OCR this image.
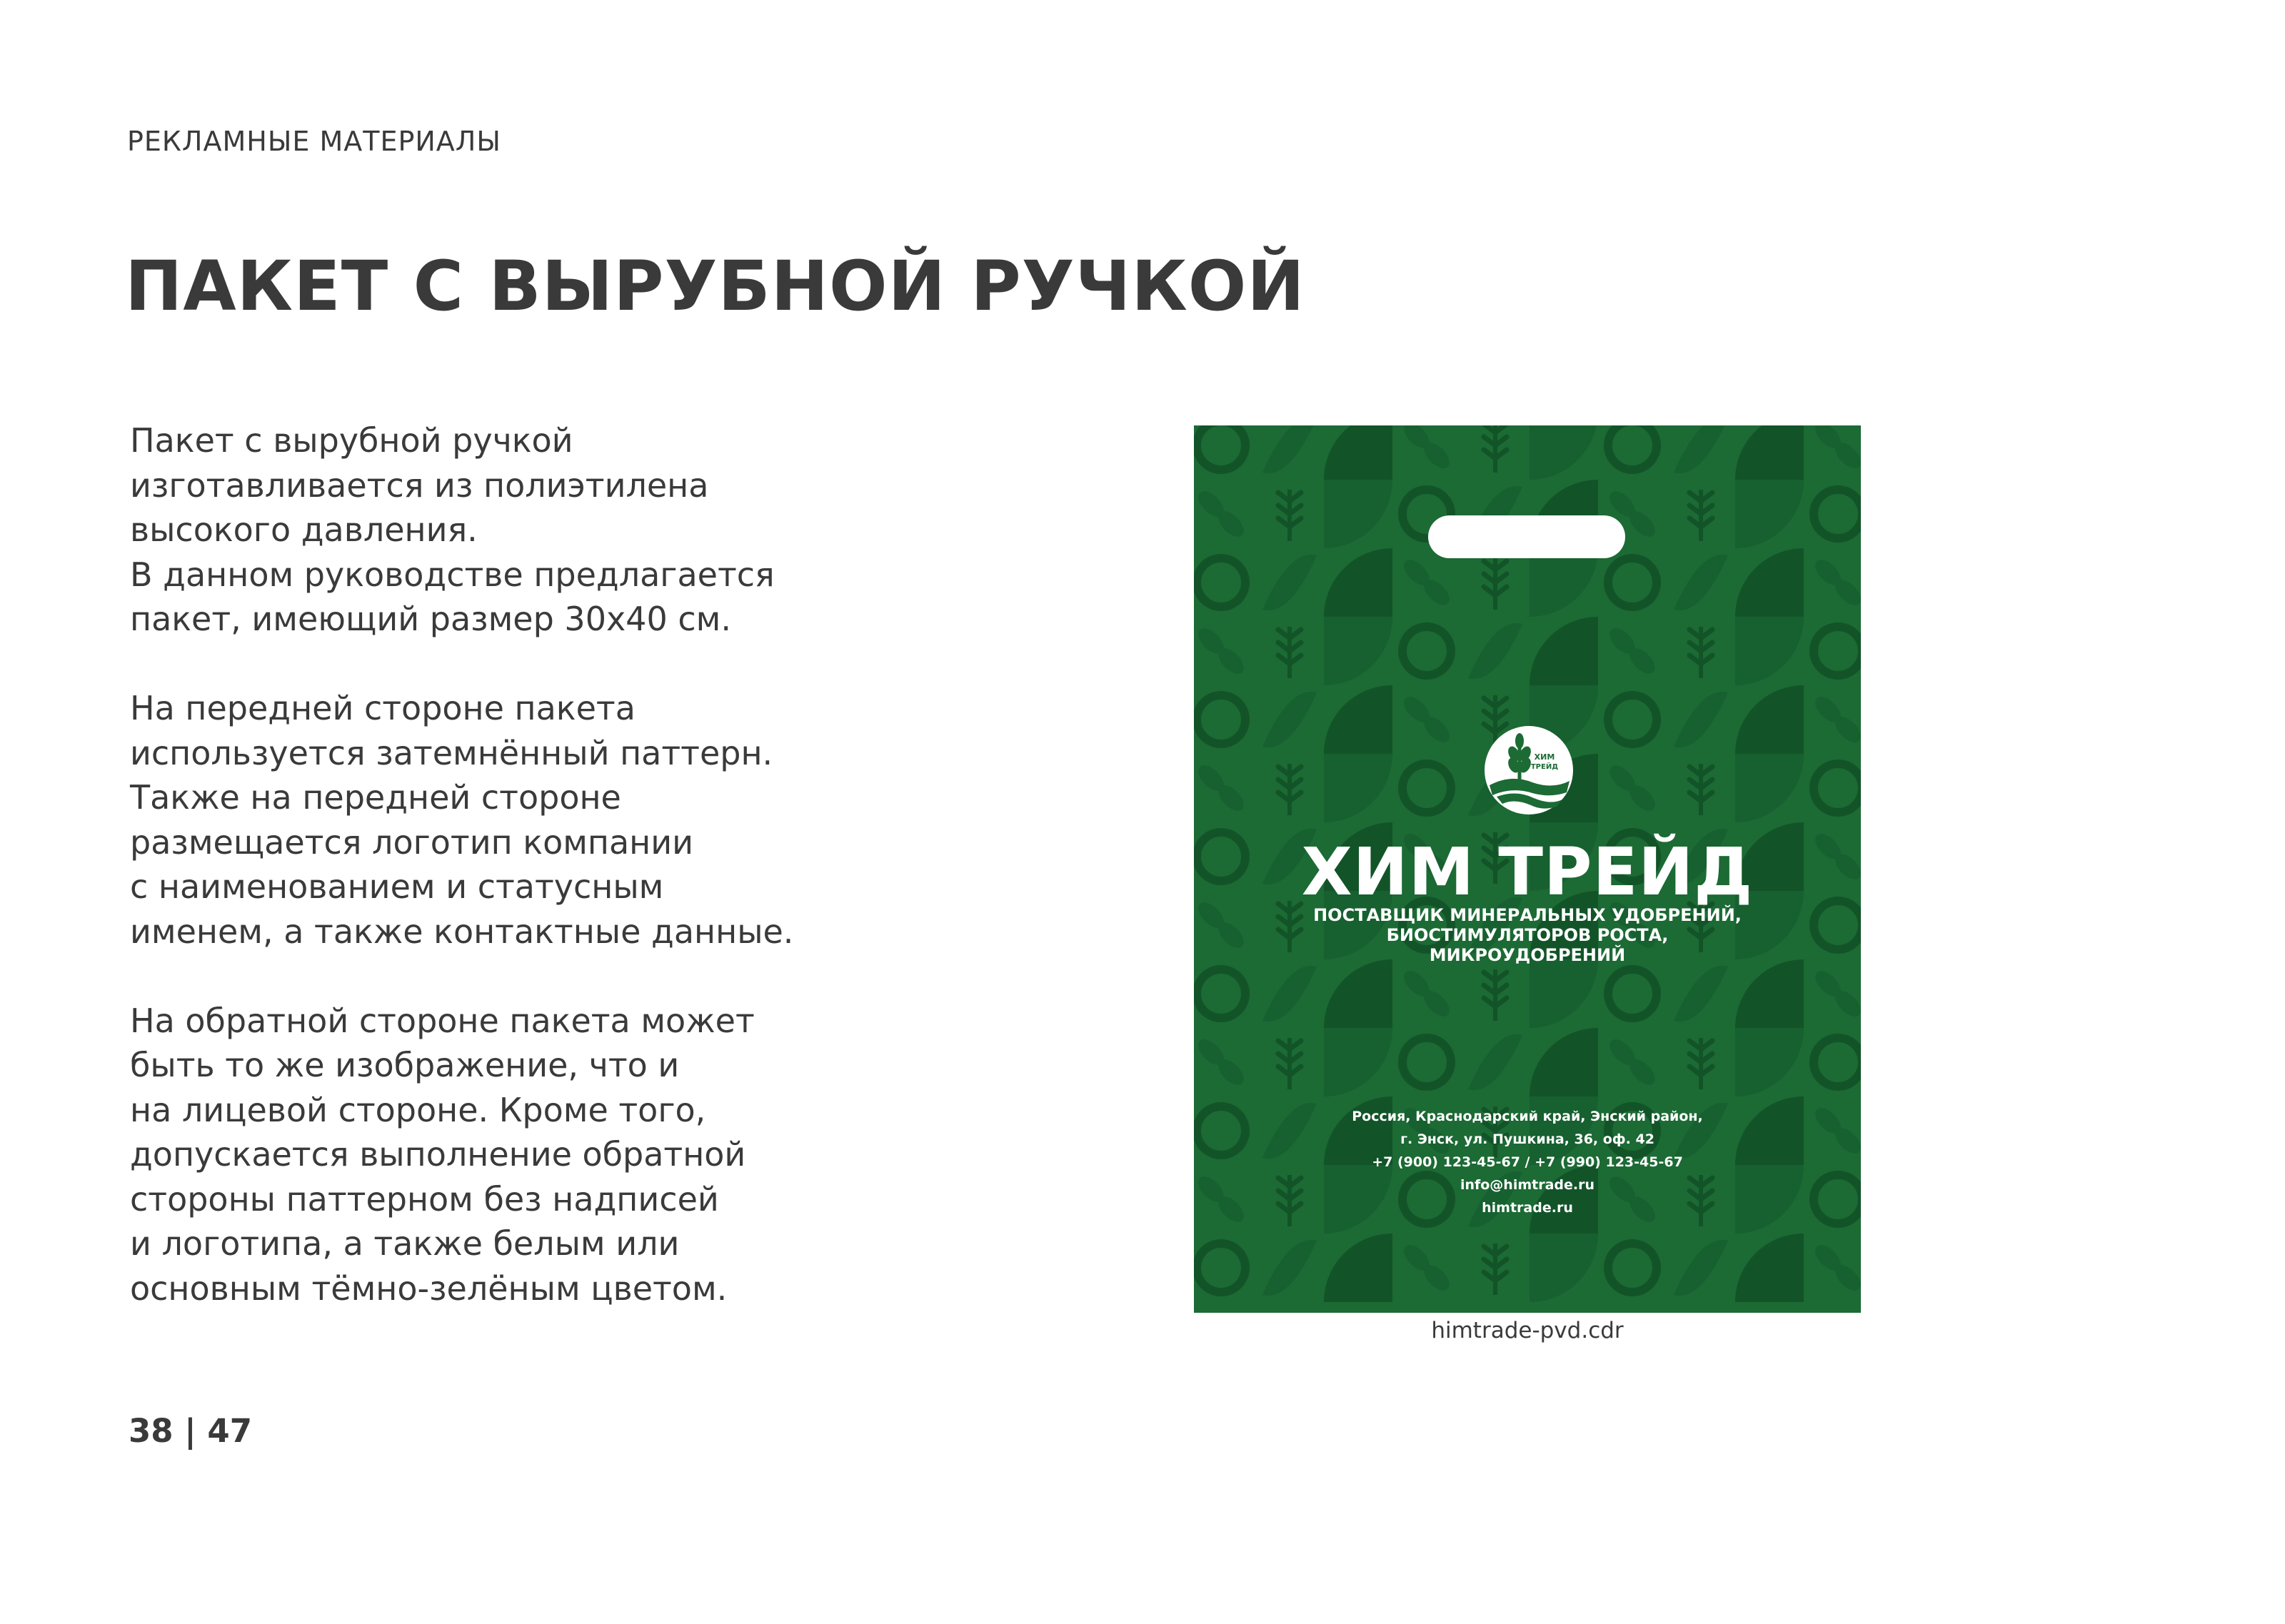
РЕКЛАМНЫЕ МАТЕРИАЛЫ
ПАКЕТ С ВЫРУБНОЙ РУЧКОЙ

Пакет с вырубной ручкой
изготавливается из полиэтилена
высокого давления.
В данном руководстве предлагается
пакет, имеющий размер 30х40 см.

На передней стороне пакета
используется затемнённый паттерн.
Также на передней стороне
размещается логотип компании
с наименованием и статусным
именем, а также контактные данные.

На обратной стороне пакета может
быть то же изображение, что и
на лицевой стороне. Кроме того,
допускается выполнение обратной
стороны паттерном без надписей
и логотипа, а также белым или
основным тёмно-зелёным цветом.

ХИМ
ТРЕЙД
ХИМ ТРЕЙД
ПОСТАВЩИК МИНЕРАЛЬНЫХ УДОБРЕНИЙ,
БИОСТИМУЛЯТОРОВ РОСТА,
МИКРОУДОБРЕНИЙ
Россия, Краснодарский край, Энский район,
г. Энск, ул. Пушкина, 36, оф. 42
+7 (900) 123-45-67 / +7 (990) 123-45-67
info@himtrade.ru
himtrade.ru
himtrade-pvd.cdr
38 | 47
